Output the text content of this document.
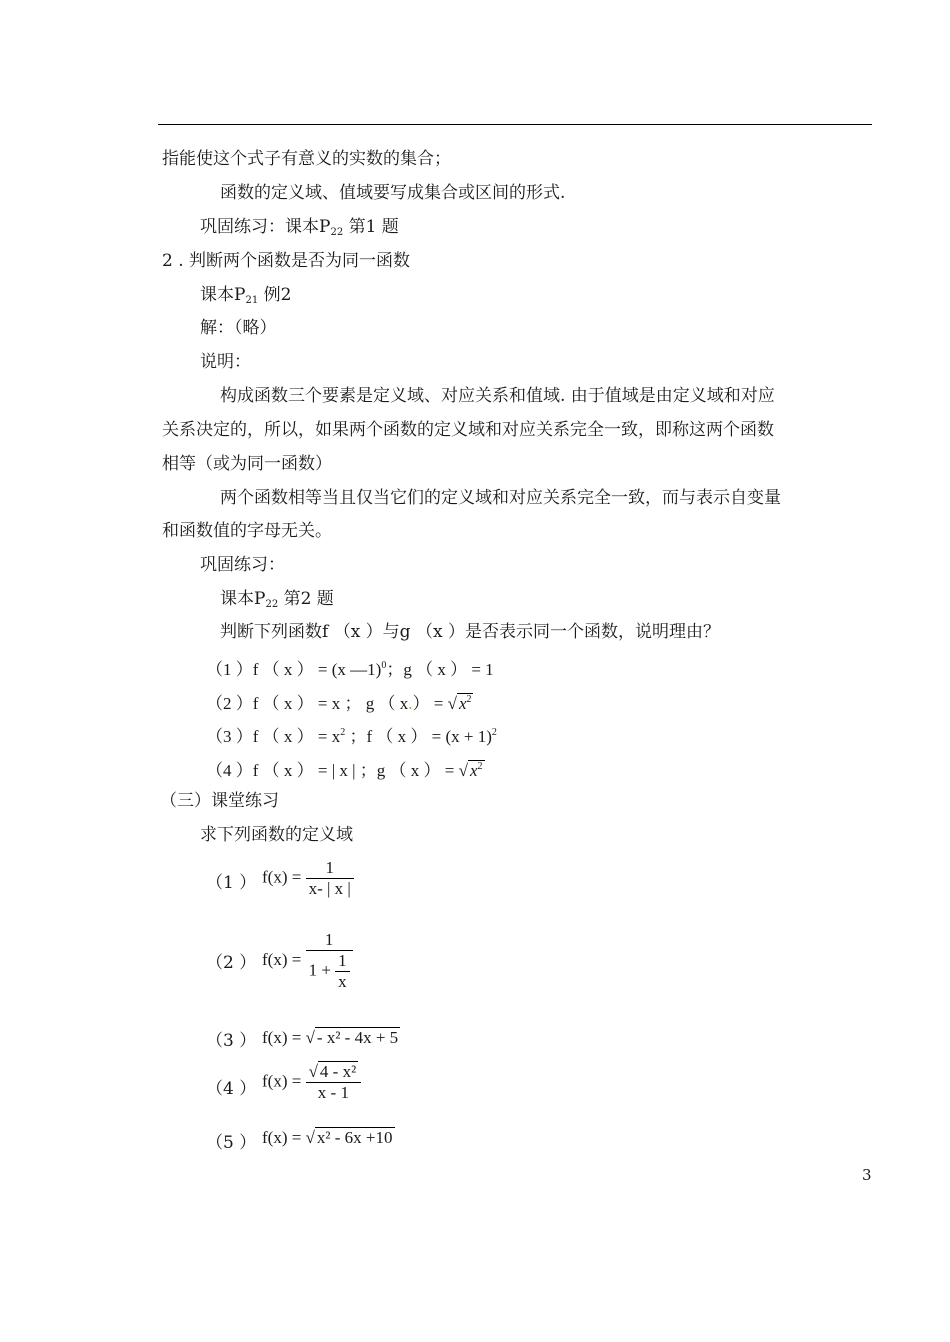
指能使这个式子有意义的实数的集合；
函数的定义域、值域要写成集合或区间的形式.
巩固练习：课本$P_{22}$ 第1 题
2 . 判断两个函数是否为同一函数
课本$P_{21}$ 例2
解：（略）
说明：
构成函数三个要素是定义域、对应关系和值域. 由于值域是由定义域和对应
关系决定的，所以，如果两个函数的定义域和对应关系完全一致，即称这两个函数
相等（或为同一函数）
两个函数相等当且仅当它们的定义域和对应关系完全一致，而与表示自变量
和函数值的字母无关。
巩固练习：
课本$P_{22}$ 第2 题
判断下列函数f （x ）与g （x ）是否表示同一个函数，说明理由？
（1 ）f （ x ） = (x —1)$^0$；g （ x ） = 1
（2 ）f （ x ） = x ； g （ x.） = √ $x^2$
（3 ）f （ x ） = $x^2$ ；f （ x ） = $(x + 1)^2$
（4 ）f （ x ） = | x | ；g （ x ） = √ $x^2$
（三）课堂练习
求下列函数的定义域
（1 ） $f(x) = \frac{1}{x- | x |}$
（2 ） $f(x) = \frac{1}{1 + \frac{1}{x}}$
（3 ） f(x) = √ - x² - 4x + 5
（4 ） $f(x) = \frac{\text{√ 4 - x²}}{x - 1}$
（5 ） f(x) = √ x² - 6x +10
3
